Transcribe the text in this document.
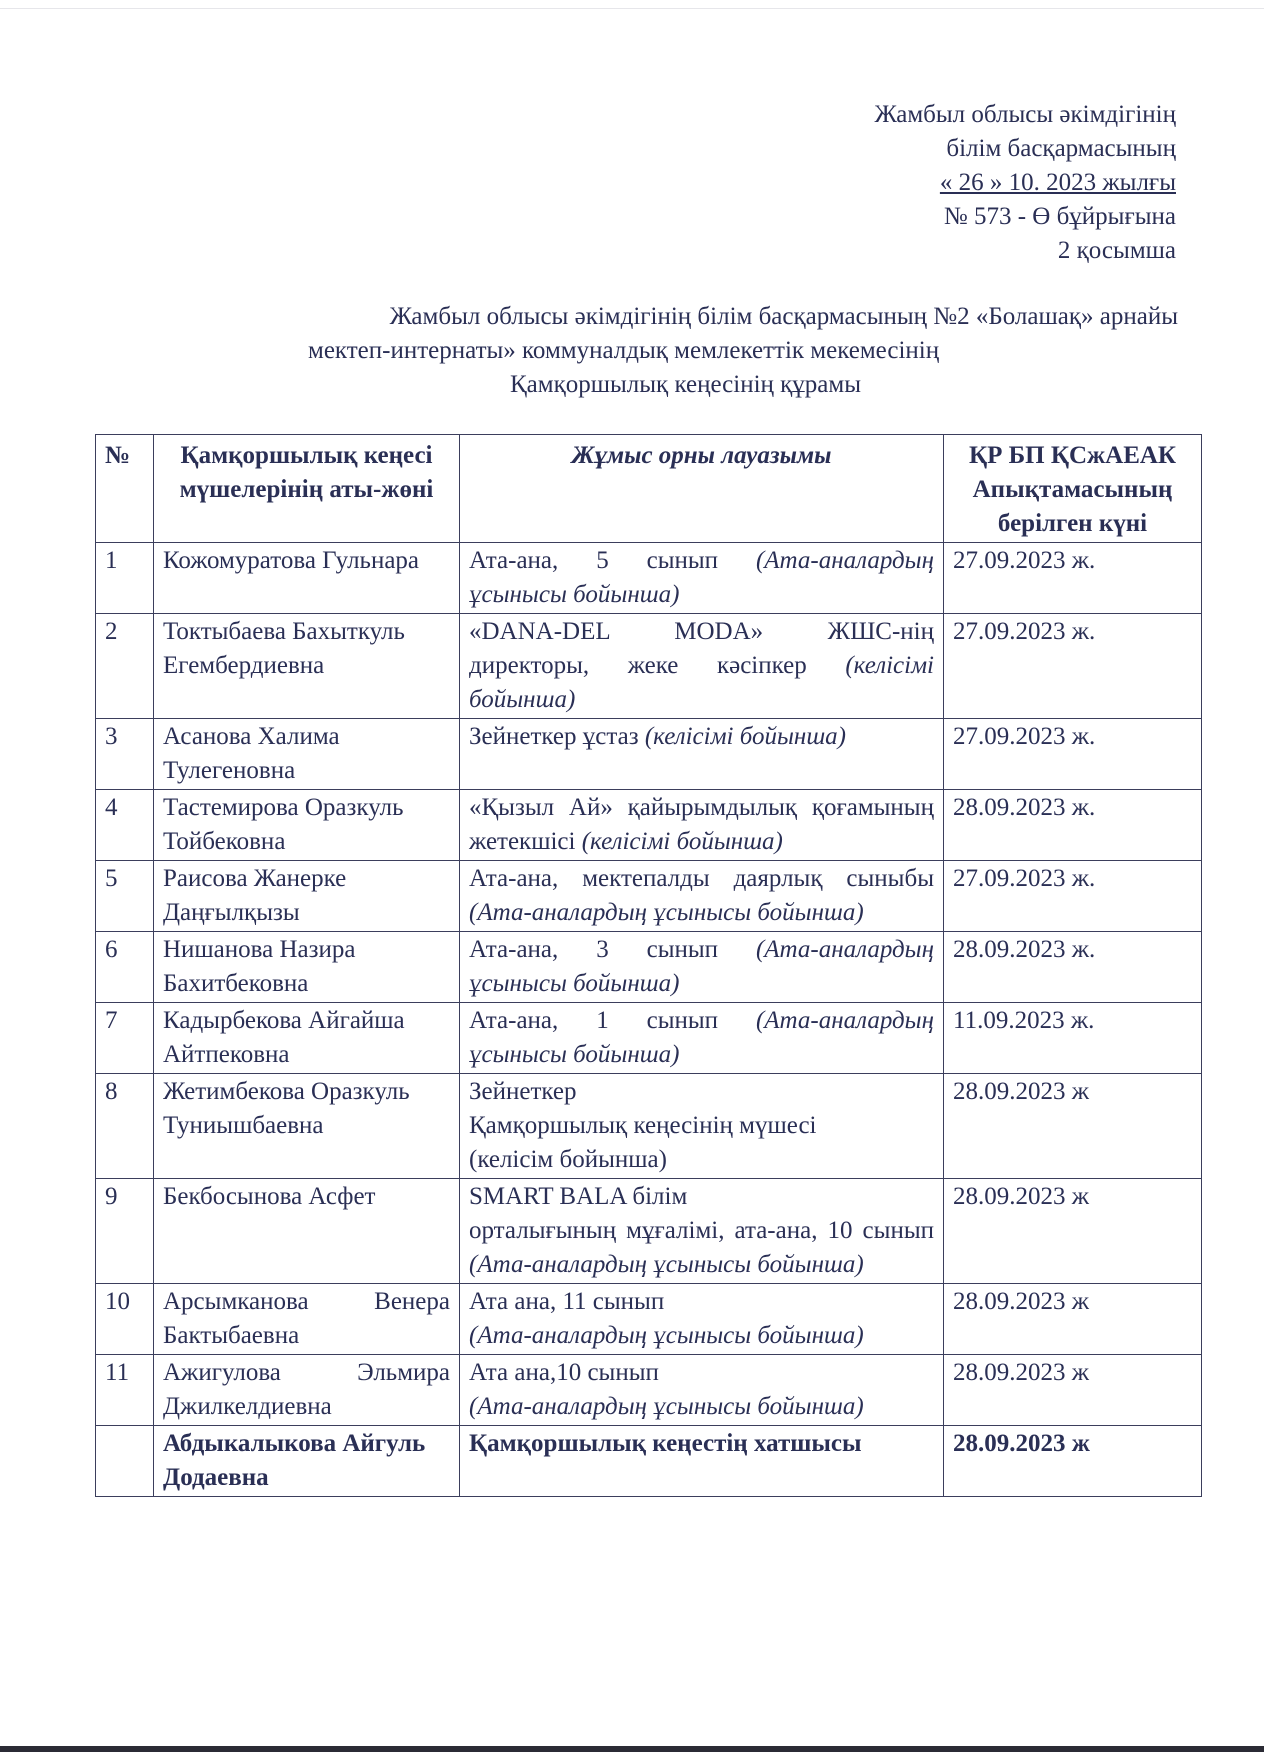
Жамбыл облысы әкімдігінің
білім басқармасының
« 26 » 10. 2023 жылғы
№ 573 - Ө бұйрығына
2 қосымша
Жамбыл облысы әкімдігінің білім басқармасының №2 «Болашақ» арнайы
мектеп-интернаты» коммуналдық мемлекеттік мекемесінің
Қамқоршылық кеңесінің құрамы
№	Қамқоршылық кеңесі мүшелерінің аты-жөні	Жұмыс орны лауазымы	ҚР БП ҚСжАЕАК Апықтамасының берілген күні
1	Кожомуратова Гульнара	Ата-ана, 5 сынып (Ата-аналардың ұсынысы бойынша)	27.09.2023 ж.
2	Токтыбаева Бахыткуль Егембердиевна	«DANA-DEL MODA» ЖШС-нің директоры, жеке кәсіпкер (келісімі бойынша)	27.09.2023 ж.
3	Асанова Халима Тулегеновна	Зейнеткер ұстаз (келісімі бойынша)	27.09.2023 ж.
4	Тастемирова Оразкуль Тойбековна	«Қызыл Ай» қайырымдылық қоғамының жетекшісі (келісімі бойынша)	28.09.2023 ж.
5	Раисова Жанерке Даңғылқызы	Ата-ана, мектепалды даярлық сыныбы (Ата-аналардың ұсынысы бойынша)	27.09.2023 ж.
6	Нишанова Назира Бахитбековна	Ата-ана, 3 сынып (Ата-аналардың ұсынысы бойынша)	28.09.2023 ж.
7	Кадырбекова Айгайша Айтпековна	Ата-ана, 1 сынып (Ата-аналардың ұсынысы бойынша)	11.09.2023 ж.
8	Жетимбекова Оразкуль Туниышбаевна	Зейнеткер
Қамқоршылық кеңесінің мүшесі
(келісім бойынша)	28.09.2023 ж
9	Бекбосынова Асфет	SMART BALA білім
орталығының мұғалімі, ата-ана, 10 сынып (Ата-аналардың ұсынысы бойынша)	28.09.2023 ж
10	Арсымканова Венера Бактыбаевна	Ата ана, 11 сынып
(Ата-аналардың ұсынысы бойынша)	28.09.2023 ж
11	Ажигулова Эльмира Джилкелдиевна	Ата ана,10 сынып
(Ата-аналардың ұсынысы бойынша)	28.09.2023 ж
	Абдыкалыкова Айгуль Додаевна	Қамқоршылық кеңестің хатшысы	28.09.2023 ж
